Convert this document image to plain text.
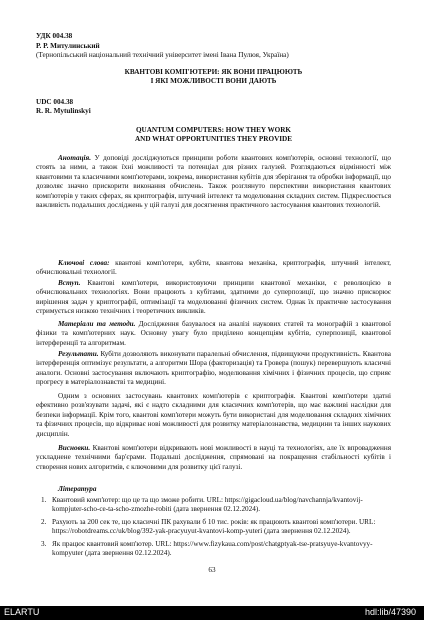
УДК 004.38
Р. Р. Митулинський
(Тернопільський національний технічний університет імені Івана Пулюя, Україна)
КВАНТОВІ КОМП'ЮТЕРИ: ЯК ВОНИ ПРАЦЮЮТЬ
І ЯКІ МОЖЛИВОСТІ ВОНИ ДАЮТЬ
UDC 004.38
R. R. Mytulinskyi
QUANTUM COMPUTERS: HOW THEY WORK
AND WHAT OPPORTUNITIES THEY PROVIDE
Анотація. У доповіді досліджуються принципи роботи квантових комп'ютерів, основні технології, що стоять за ними, а також їхні можливості та потенціал для різних галузей. Розглядаються відмінності між квантовими та класичними комп'ютерами, зокрема, використання кубітів для зберігання та обробки інформації, що дозволяє значно прискорити виконання обчислень. Також розглянуто перспективи використання квантових комп'ютерів у таких сферах, як криптографія, штучний інтелект та моделювання складних систем. Підкреслюється важливість подальших досліджень у цій галузі для досягнення практичного застосування квантових технологій.
Ключові слова: квантові комп'ютери, кубіти, квантова механіка, криптографія, штучний інтелект, обчислювальні технології.
Вступ. Квантові комп'ютери, використовуючи принципи квантової механіки, є революцією в обчислювальних технологіях. Вони працюють з кубітами, здатними до суперпозиції, що значно прискорює вирішення задач у криптографії, оптимізації та моделюванні фізичних систем. Однак їх практичне застосування стримується низкою технічних і теоретичних викликів.
Матеріали та методи. Дослідження базувалося на аналізі наукових статей та монографій з квантової фізики та комп'ютерних наук. Основну увагу було приділено концепціям кубітів, суперпозиції, квантової інтерференції та алгоритмам.
Результати. Кубіти дозволяють виконувати паралельні обчислення, підвищуючи продуктивність. Квантова інтерференція оптимізує результати, а алгоритми Шора (факторизація) та Гровера (пошук) перевершують класичні аналоги. Основні застосування включають криптографію, моделювання хімічних і фізичних процесів, що сприяє прогресу в матеріалознавстві та медицині.
Одним з основних застосувань квантових комп'ютерів є криптографія. Квантові комп'ютери здатні ефективно розв'язувати задачі, які є надто складними для класичних комп'ютерів, що має важливі наслідки для безпеки інформації. Крім того, квантові комп'ютери можуть бути використані для моделювання складних хімічних та фізичних процесів, що відкриває нові можливості для розвитку матеріалознавства, медицини та інших наукових дисциплін.
Висновки. Квантові комп'ютери відкривають нові можливості в науці та технологіях, але їх впровадження ускладнене технічними бар'єрами. Подальші дослідження, спрямовані на покращення стабільності кубітів і створення нових алгоритмів, є ключовими для розвитку цієї галузі.
Література
1. Квантовий комп'ютер: що це та що зможе робити. URL: https://gigacloud.ua/blog/navchannja/kvantovij-kompjuter-scho-ce-ta-scho-zmozhe-robiti (дата звернення 02.12.2024).
2. Рахують за 200 сек те, що класичні ПК рахували б 10 тис. років: як працюють квантові комп'ютери. URL: https://robotdreams.cc/uk/blog/392-yak-pracyuyut-kvantovi-komp-yuteri (дата звернення 02.12.2024).
3. Як працює квантовий комп'ютер. URL: https://www.fizykaua.com/post/chatgptyak-tse-pratsyuye-kvantovyy-kompyuter (дата звернення 02.12.2024).
63
ELARTU	hdl:lib/47390
